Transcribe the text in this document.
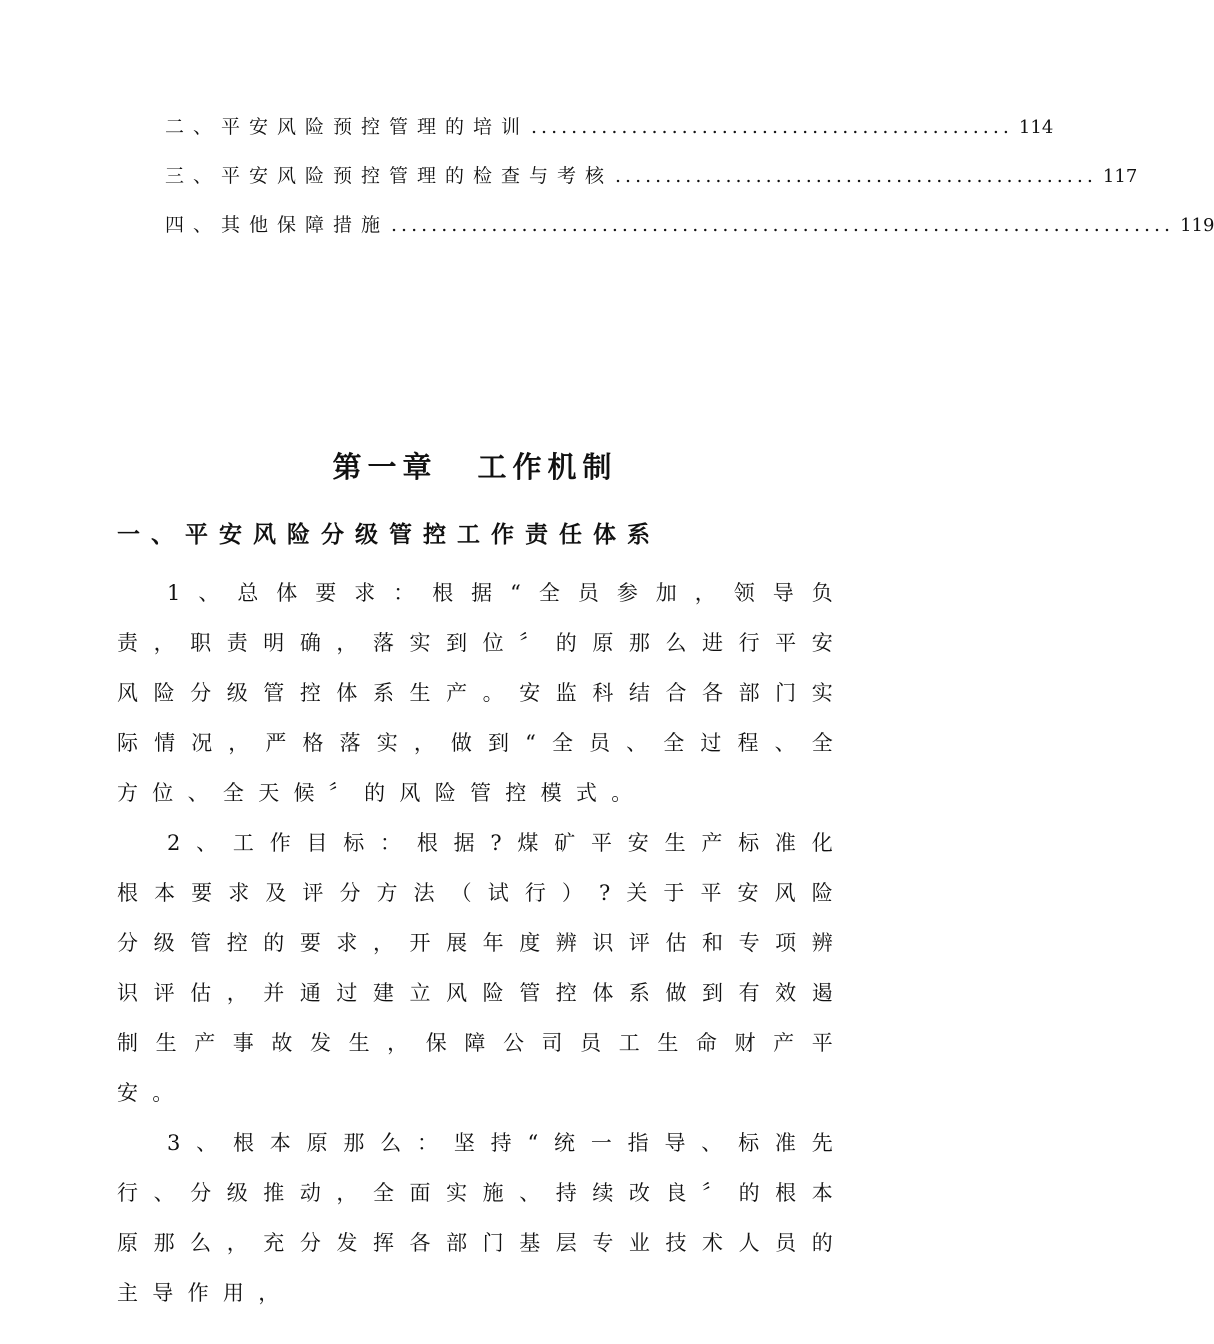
二、平安风险预控管理的培训 ................................................ 114
三、平安风险预控管理的检查与考核 ................................................ 117
四、其他保障措施 .............................................................................. 119
第一章 工作机制
一、平安风险分级管控工作责任体系

1、总体要求：根据“全员参加，领导负责，职责明确，落实到位〞的原那么进行平安风险分级管控体系生产。安监科结合各部门实际情况，严格落实，做到“全员、全过程、全方位、全天候〞的风险管控模式。

2、工作目标：根据?煤矿平安生产标准化根本要求及评分方法（试行）?关于平安风险分级管控的要求，开展年度辨识评估和专项辨识评估，并通过建立风险管控体系做到有效遏制生产事故发生，保障公司员工生命财产平安。

3、根本原那么：坚持“统一指导、标准先行、分级推动，全面实施、持续改良〞的根本原那么，充分发挥各部门基层专业技术人员的主导作用，
